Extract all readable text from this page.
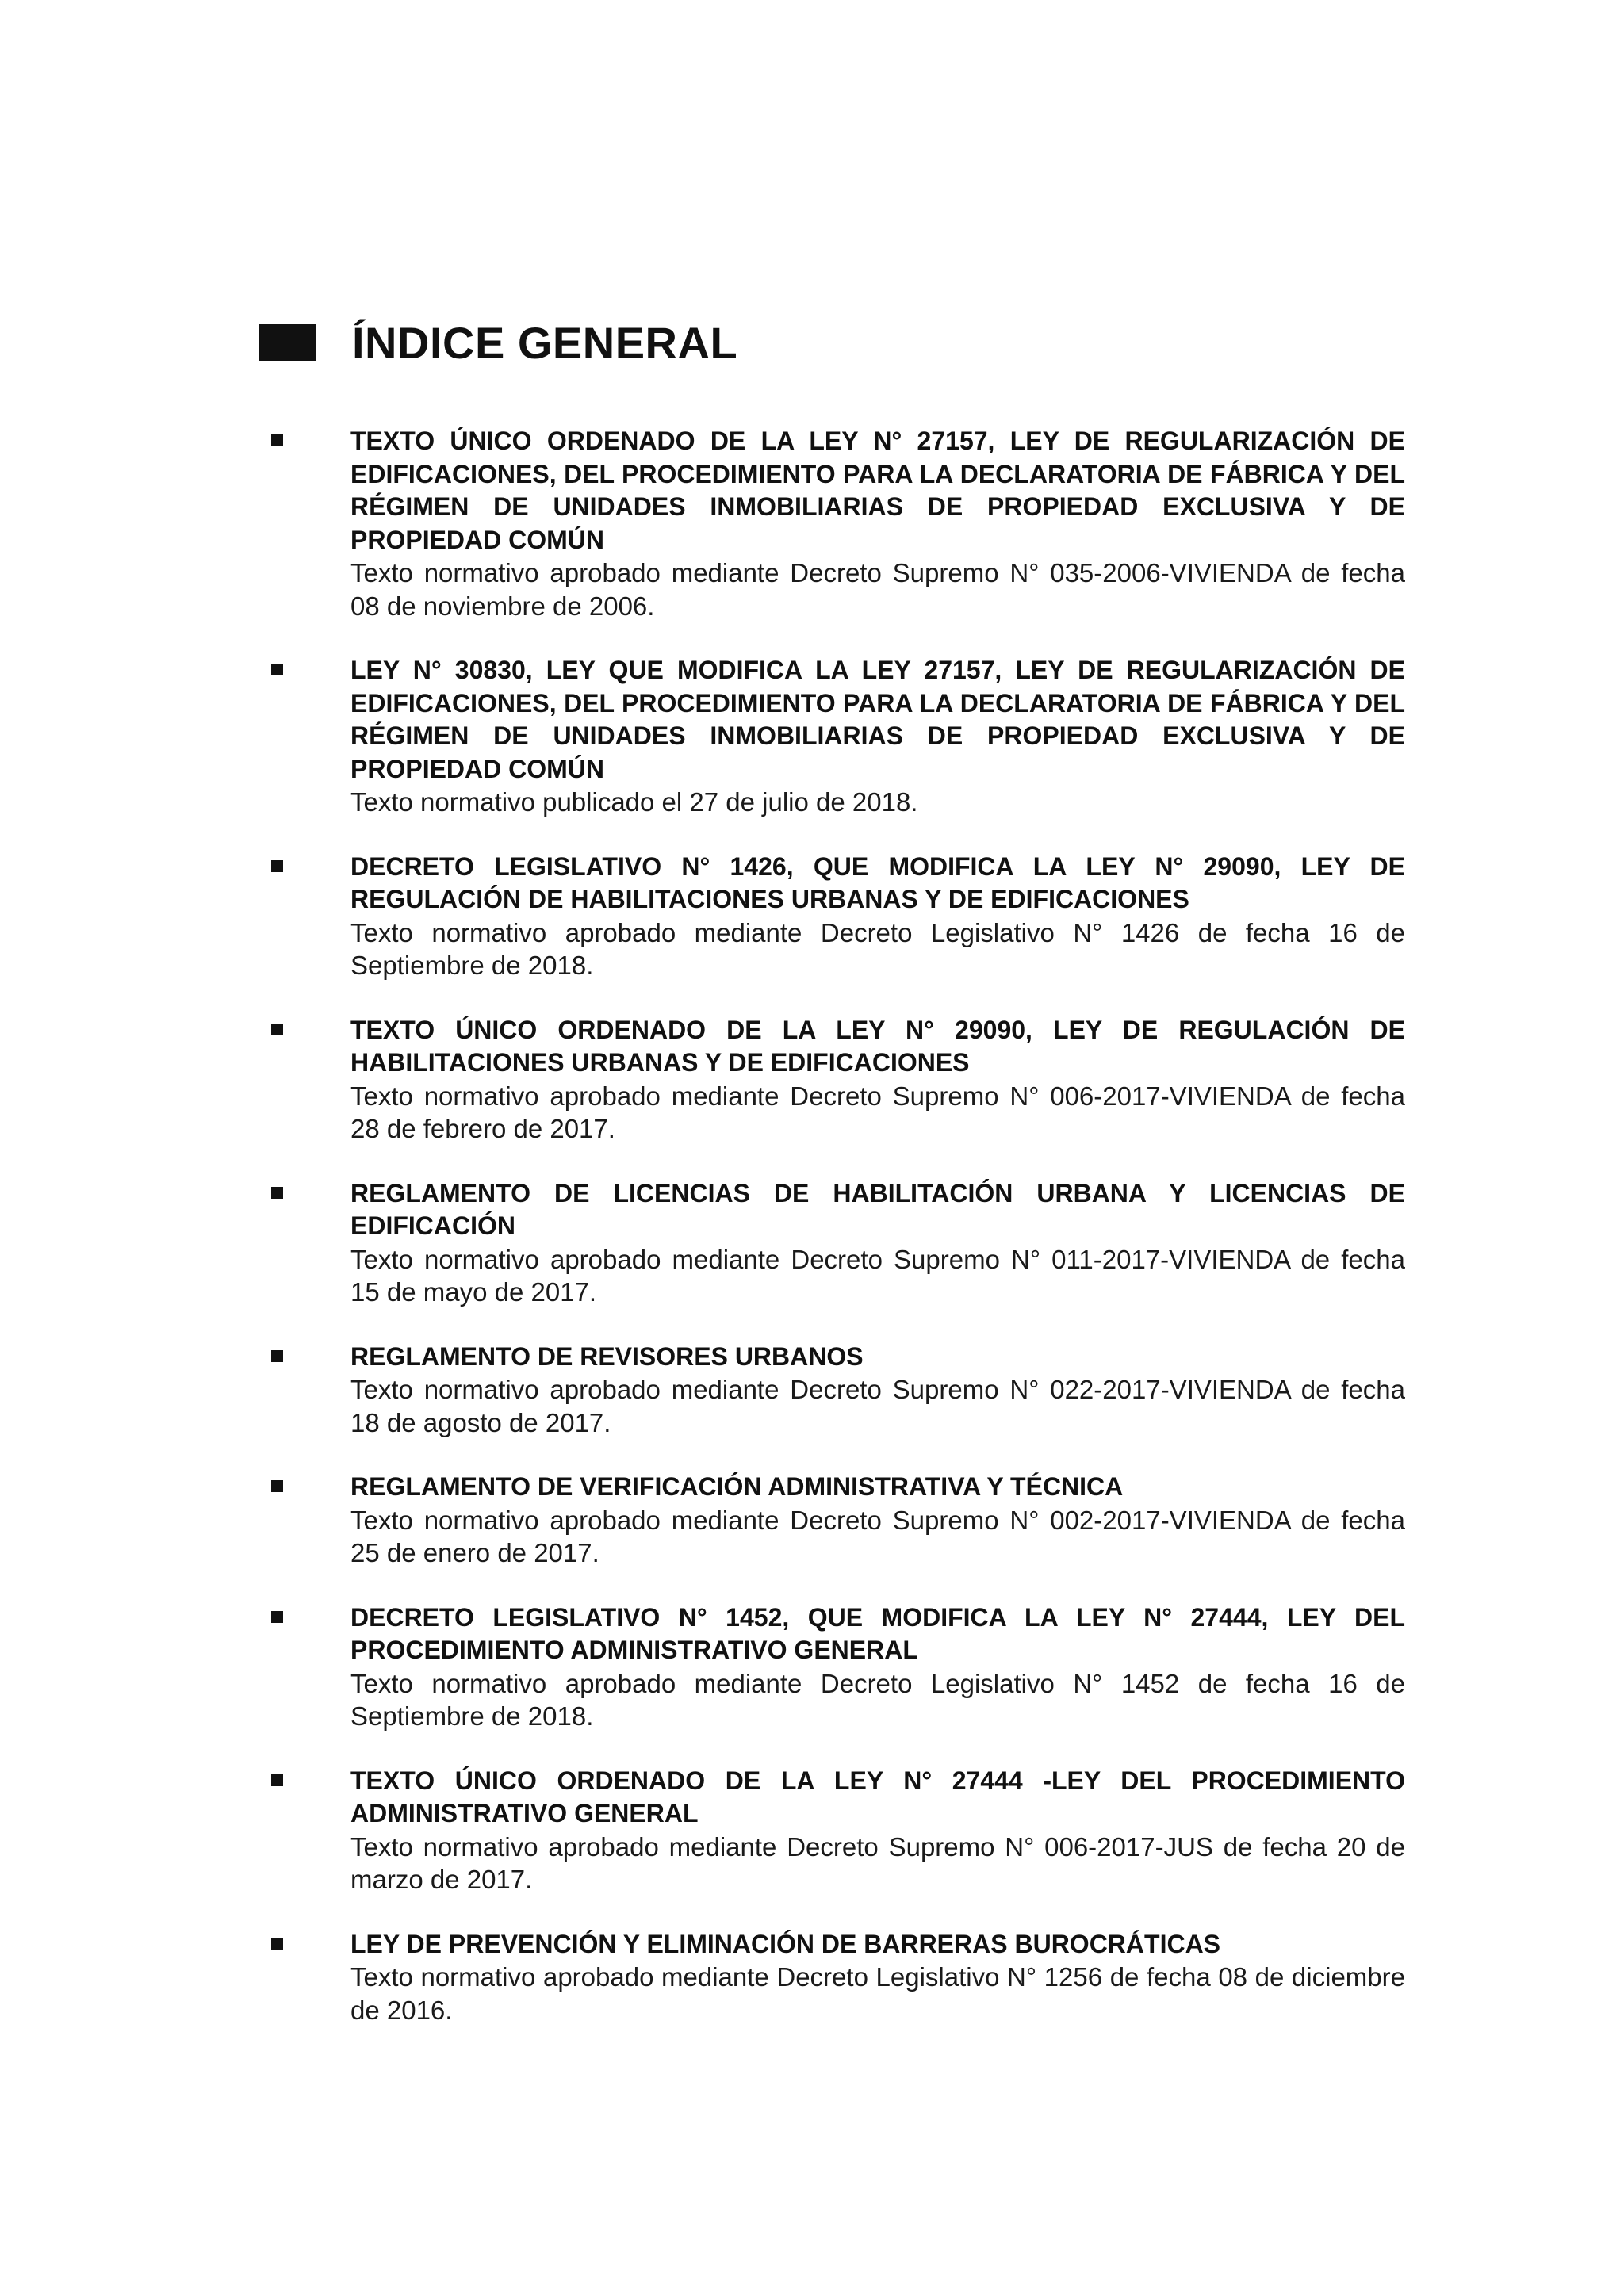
ÍNDICE GENERAL
TEXTO ÚNICO ORDENADO DE LA LEY N° 27157, LEY DE REGULARIZACIÓN DE EDIFICACIONES, DEL PROCEDIMIENTO PARA LA DECLARATORIA DE FÁBRICA Y DEL RÉGIMEN DE UNIDADES INMOBILIARIAS DE PROPIEDAD EXCLUSIVA Y DE PROPIEDAD COMÚN
Texto normativo aprobado mediante Decreto Supremo N° 035-2006-VIVIENDA de fecha 08 de noviembre de 2006.
LEY N° 30830, LEY QUE MODIFICA LA LEY 27157, LEY DE REGULARIZACIÓN DE EDIFICACIONES, DEL PROCEDIMIENTO PARA LA DECLARATORIA DE FÁBRICA Y DEL RÉGIMEN DE UNIDADES INMOBILIARIAS DE PROPIEDAD EXCLUSIVA Y DE PROPIEDAD COMÚN
Texto normativo publicado el 27 de julio de 2018.
DECRETO LEGISLATIVO N° 1426, QUE MODIFICA LA LEY N° 29090, LEY DE REGULACIÓN DE HABILITACIONES URBANAS Y DE EDIFICACIONES
Texto normativo aprobado mediante Decreto Legislativo N° 1426 de fecha 16 de Septiembre de 2018.
TEXTO ÚNICO ORDENADO DE LA LEY N° 29090, LEY DE REGULACIÓN DE HABILITACIONES URBANAS Y DE EDIFICACIONES
Texto normativo aprobado mediante Decreto Supremo N° 006-2017-VIVIENDA de fecha 28 de febrero de 2017.
REGLAMENTO DE LICENCIAS DE HABILITACIÓN URBANA Y LICENCIAS DE EDIFICACIÓN
Texto normativo aprobado mediante Decreto Supremo N° 011-2017-VIVIENDA de fecha 15 de mayo de 2017.
REGLAMENTO DE REVISORES URBANOS
Texto normativo aprobado mediante Decreto Supremo N° 022-2017-VIVIENDA de fecha 18 de agosto de 2017.
REGLAMENTO DE VERIFICACIÓN ADMINISTRATIVA Y TÉCNICA
Texto normativo aprobado mediante Decreto Supremo N° 002-2017-VIVIENDA de fecha 25 de enero de 2017.
DECRETO LEGISLATIVO N° 1452, QUE MODIFICA LA LEY N° 27444, LEY DEL PROCEDIMIENTO ADMINISTRATIVO GENERAL
Texto normativo aprobado mediante Decreto Legislativo N° 1452 de fecha 16 de Septiembre de 2018.
TEXTO ÚNICO ORDENADO DE LA LEY N° 27444 -LEY DEL PROCEDIMIENTO ADMINISTRATIVO GENERAL
Texto normativo aprobado mediante Decreto Supremo N° 006-2017-JUS de fecha 20 de marzo de 2017.
LEY DE PREVENCIÓN Y ELIMINACIÓN DE BARRERAS BUROCRÁTICAS
Texto normativo aprobado mediante Decreto Legislativo N° 1256 de fecha 08 de diciembre de 2016.
